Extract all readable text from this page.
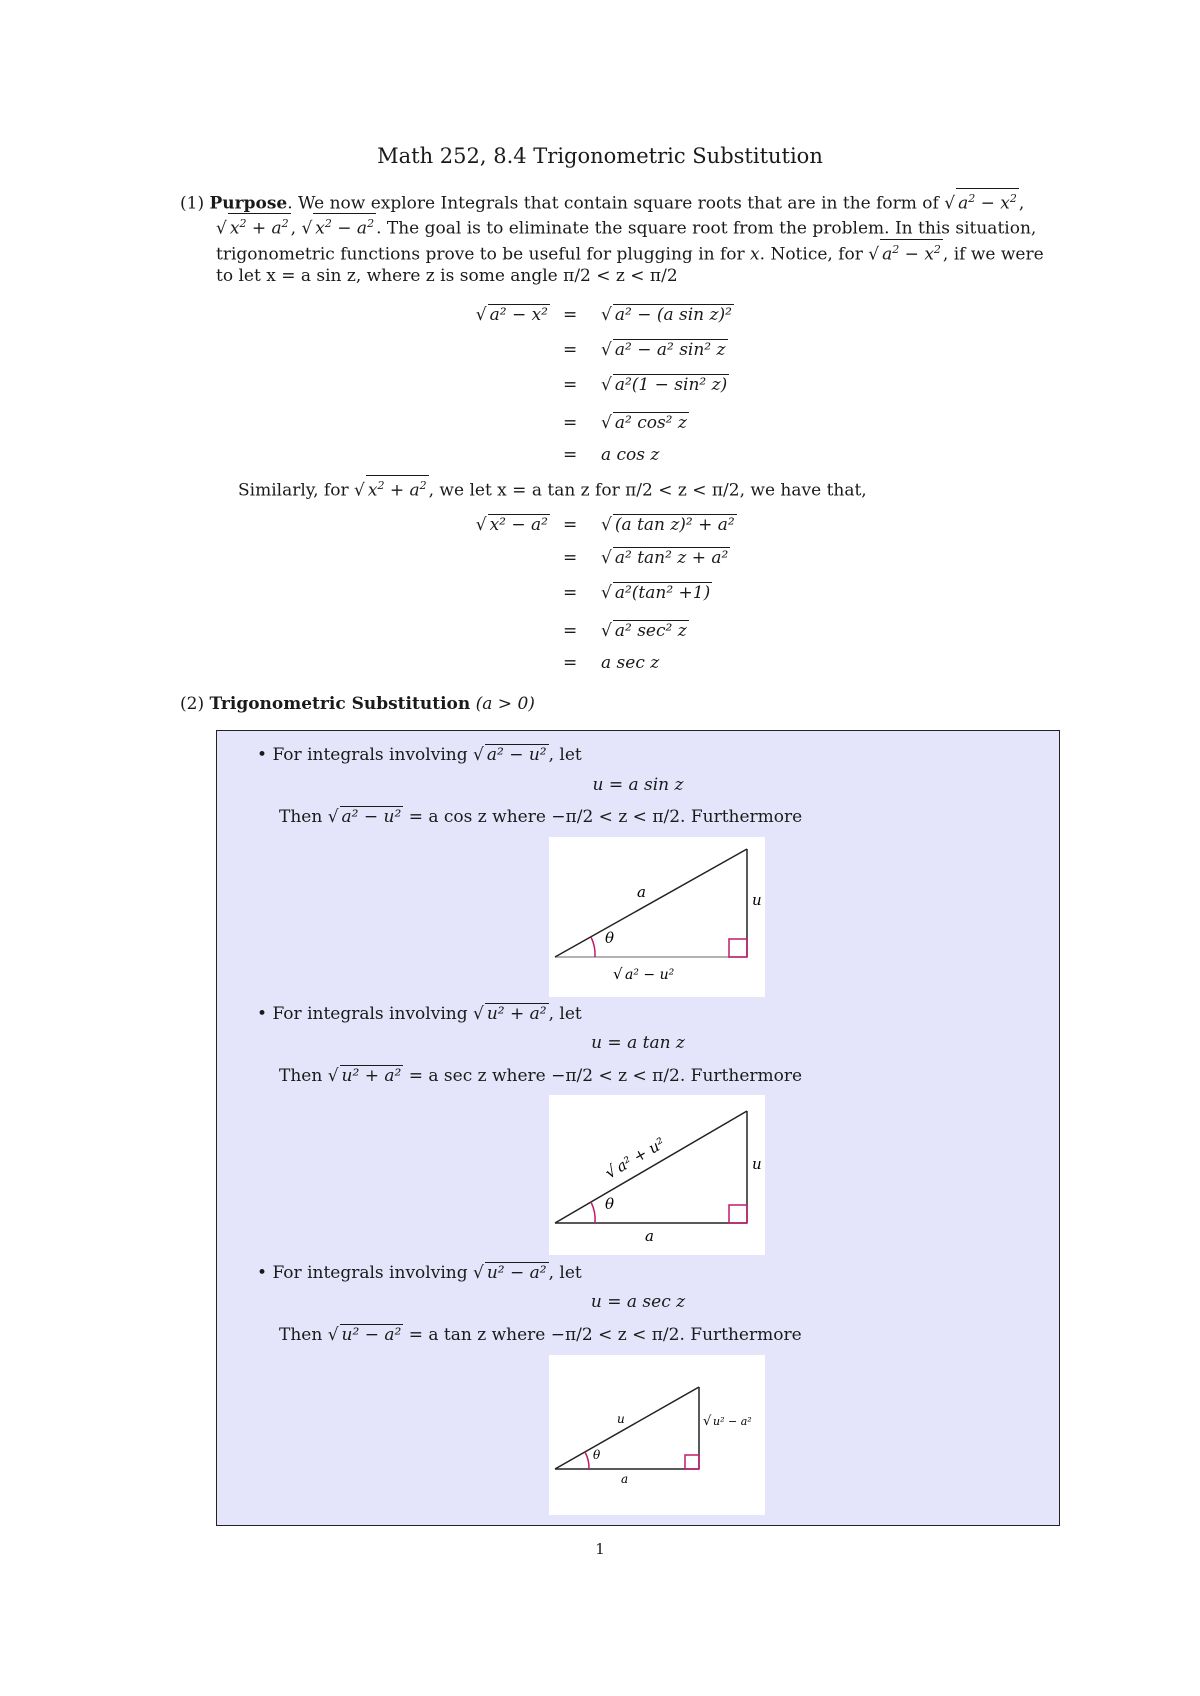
Math 252, 8.4 Trigonometric Substitution
(1) Purpose. We now explore Integrals that contain square roots that are in the form of √ $a^2 - x^2$ ,
√ $x^2 + a^2$ , √ $x^2 - a^2$ . The goal is to eliminate the square root from the problem. In this situation,
trigonometric functions prove to be useful for plugging in for x. Notice, for √ $a^2 - x^2$ , if we were
to let x = a sin z, where z is some angle π/2 < z < π/2
√ a² − x² = √ a² − (a sin z)²
= √ a² − a² sin² z
= √ a²(1 − sin² z)
= √ a² cos² z
= a cos z
Similarly, for √ $x^2 + a^2$ , we let x = a tan z for π/2 < z < π/2, we have that,
√ x² − a² = √ (a tan z)² + a²
= √ a² tan² z + a²
= √ a²(tan² +1)
= √ a² sec² z
= a sec z
(2) Trigonometric Substitution (a > 0)
• For integrals involving √ a² − u² , let
u = a sin z
Then √ a² − u² = a cos z where −π/2 < z < π/2. Furthermore
θ
a	u
√ a² − u²
• For integrals involving √ u² + a² , let
u = a tan z
Then √ u² + a² = a sec z where −π/2 < z < π/2. Furthermore
θ
√
a² + u²	u
a
• For integrals involving √ u² − a² , let
u = a sec z
Then √ u² − a² = a tan z where −π/2 < z < π/2. Furthermore
θ
u	√ u² − a²
a
1
